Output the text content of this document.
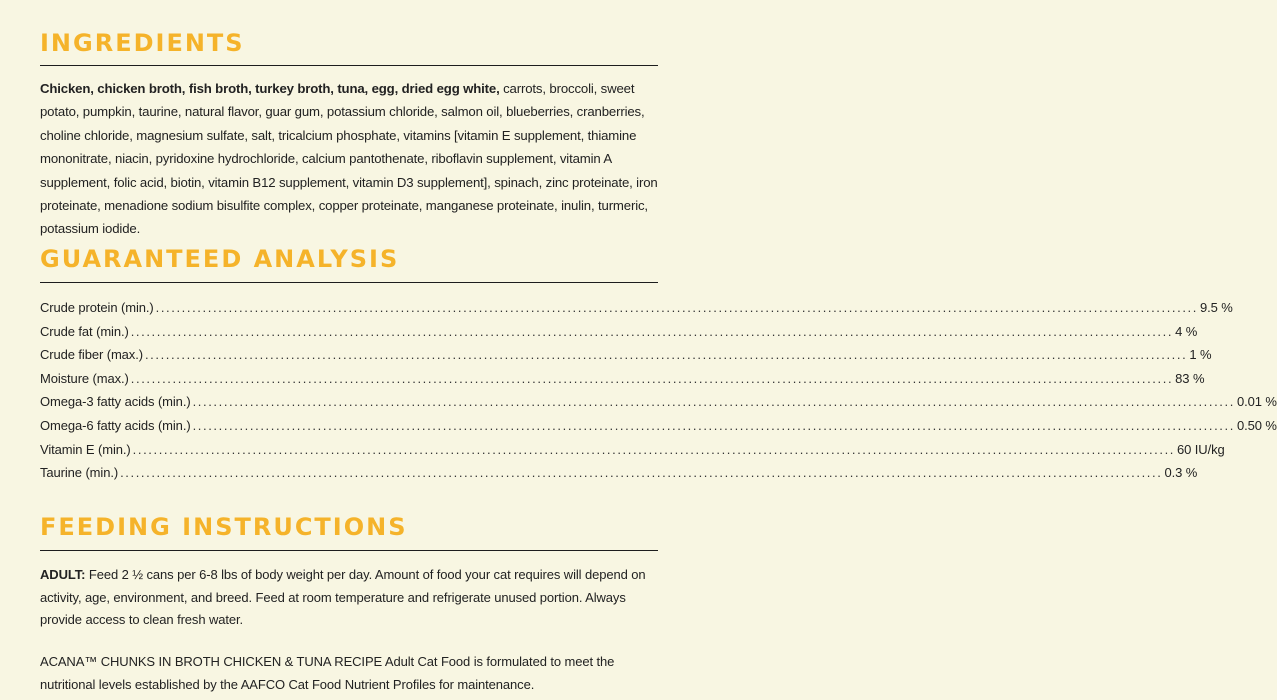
INGREDIENTS

Chicken, chicken broth, fish broth, turkey broth, tuna, egg, dried egg white, carrots, broccoli, sweet potato, pumpkin, taurine, natural flavor, guar gum, potassium chloride, salmon oil, blueberries, cranberries, choline chloride, magnesium sulfate, salt, tricalcium phosphate, vitamins [vitamin E supplement, thiamine mononitrate, niacin, pyridoxine hydrochloride, calcium pantothenate, riboflavin supplement, vitamin A supplement, folic acid, biotin, vitamin B12 supplement, vitamin D3 supplement], spinach, zinc proteinate, iron proteinate, menadione sodium bisulfite complex, copper proteinate, manganese proteinate, inulin, turmeric, potassium iodide.

GUARANTEED ANALYSIS
Crude protein (min.) ........................................................................................................................................................................................................ 9.5 %
Crude fat (min.) ........................................................................................................................................................................................................ 4 %
Crude fiber (max.) ........................................................................................................................................................................................................ 1 %
Moisture (max.) ........................................................................................................................................................................................................ 83 %
Omega-3 fatty acids (min.) ........................................................................................................................................................................................................ 0.01 %
Omega-6 fatty acids (min.) ........................................................................................................................................................................................................ 0.50 %
Vitamin E (min.) ........................................................................................................................................................................................................ 60 IU/kg
Taurine (min.) ........................................................................................................................................................................................................ 0.3 %
FEEDING INSTRUCTIONS

ADULT: Feed 2 ½ cans per 6-8 lbs of body weight per day. Amount of food your cat requires will depend on activity, age, environment, and breed. Feed at room temperature and refrigerate unused portion. Always provide access to clean fresh water.

ACANA™ CHUNKS IN BROTH CHICKEN & TUNA RECIPE Adult Cat Food is formulated to meet the nutritional levels established by the AAFCO Cat Food Nutrient Profiles for maintenance.
